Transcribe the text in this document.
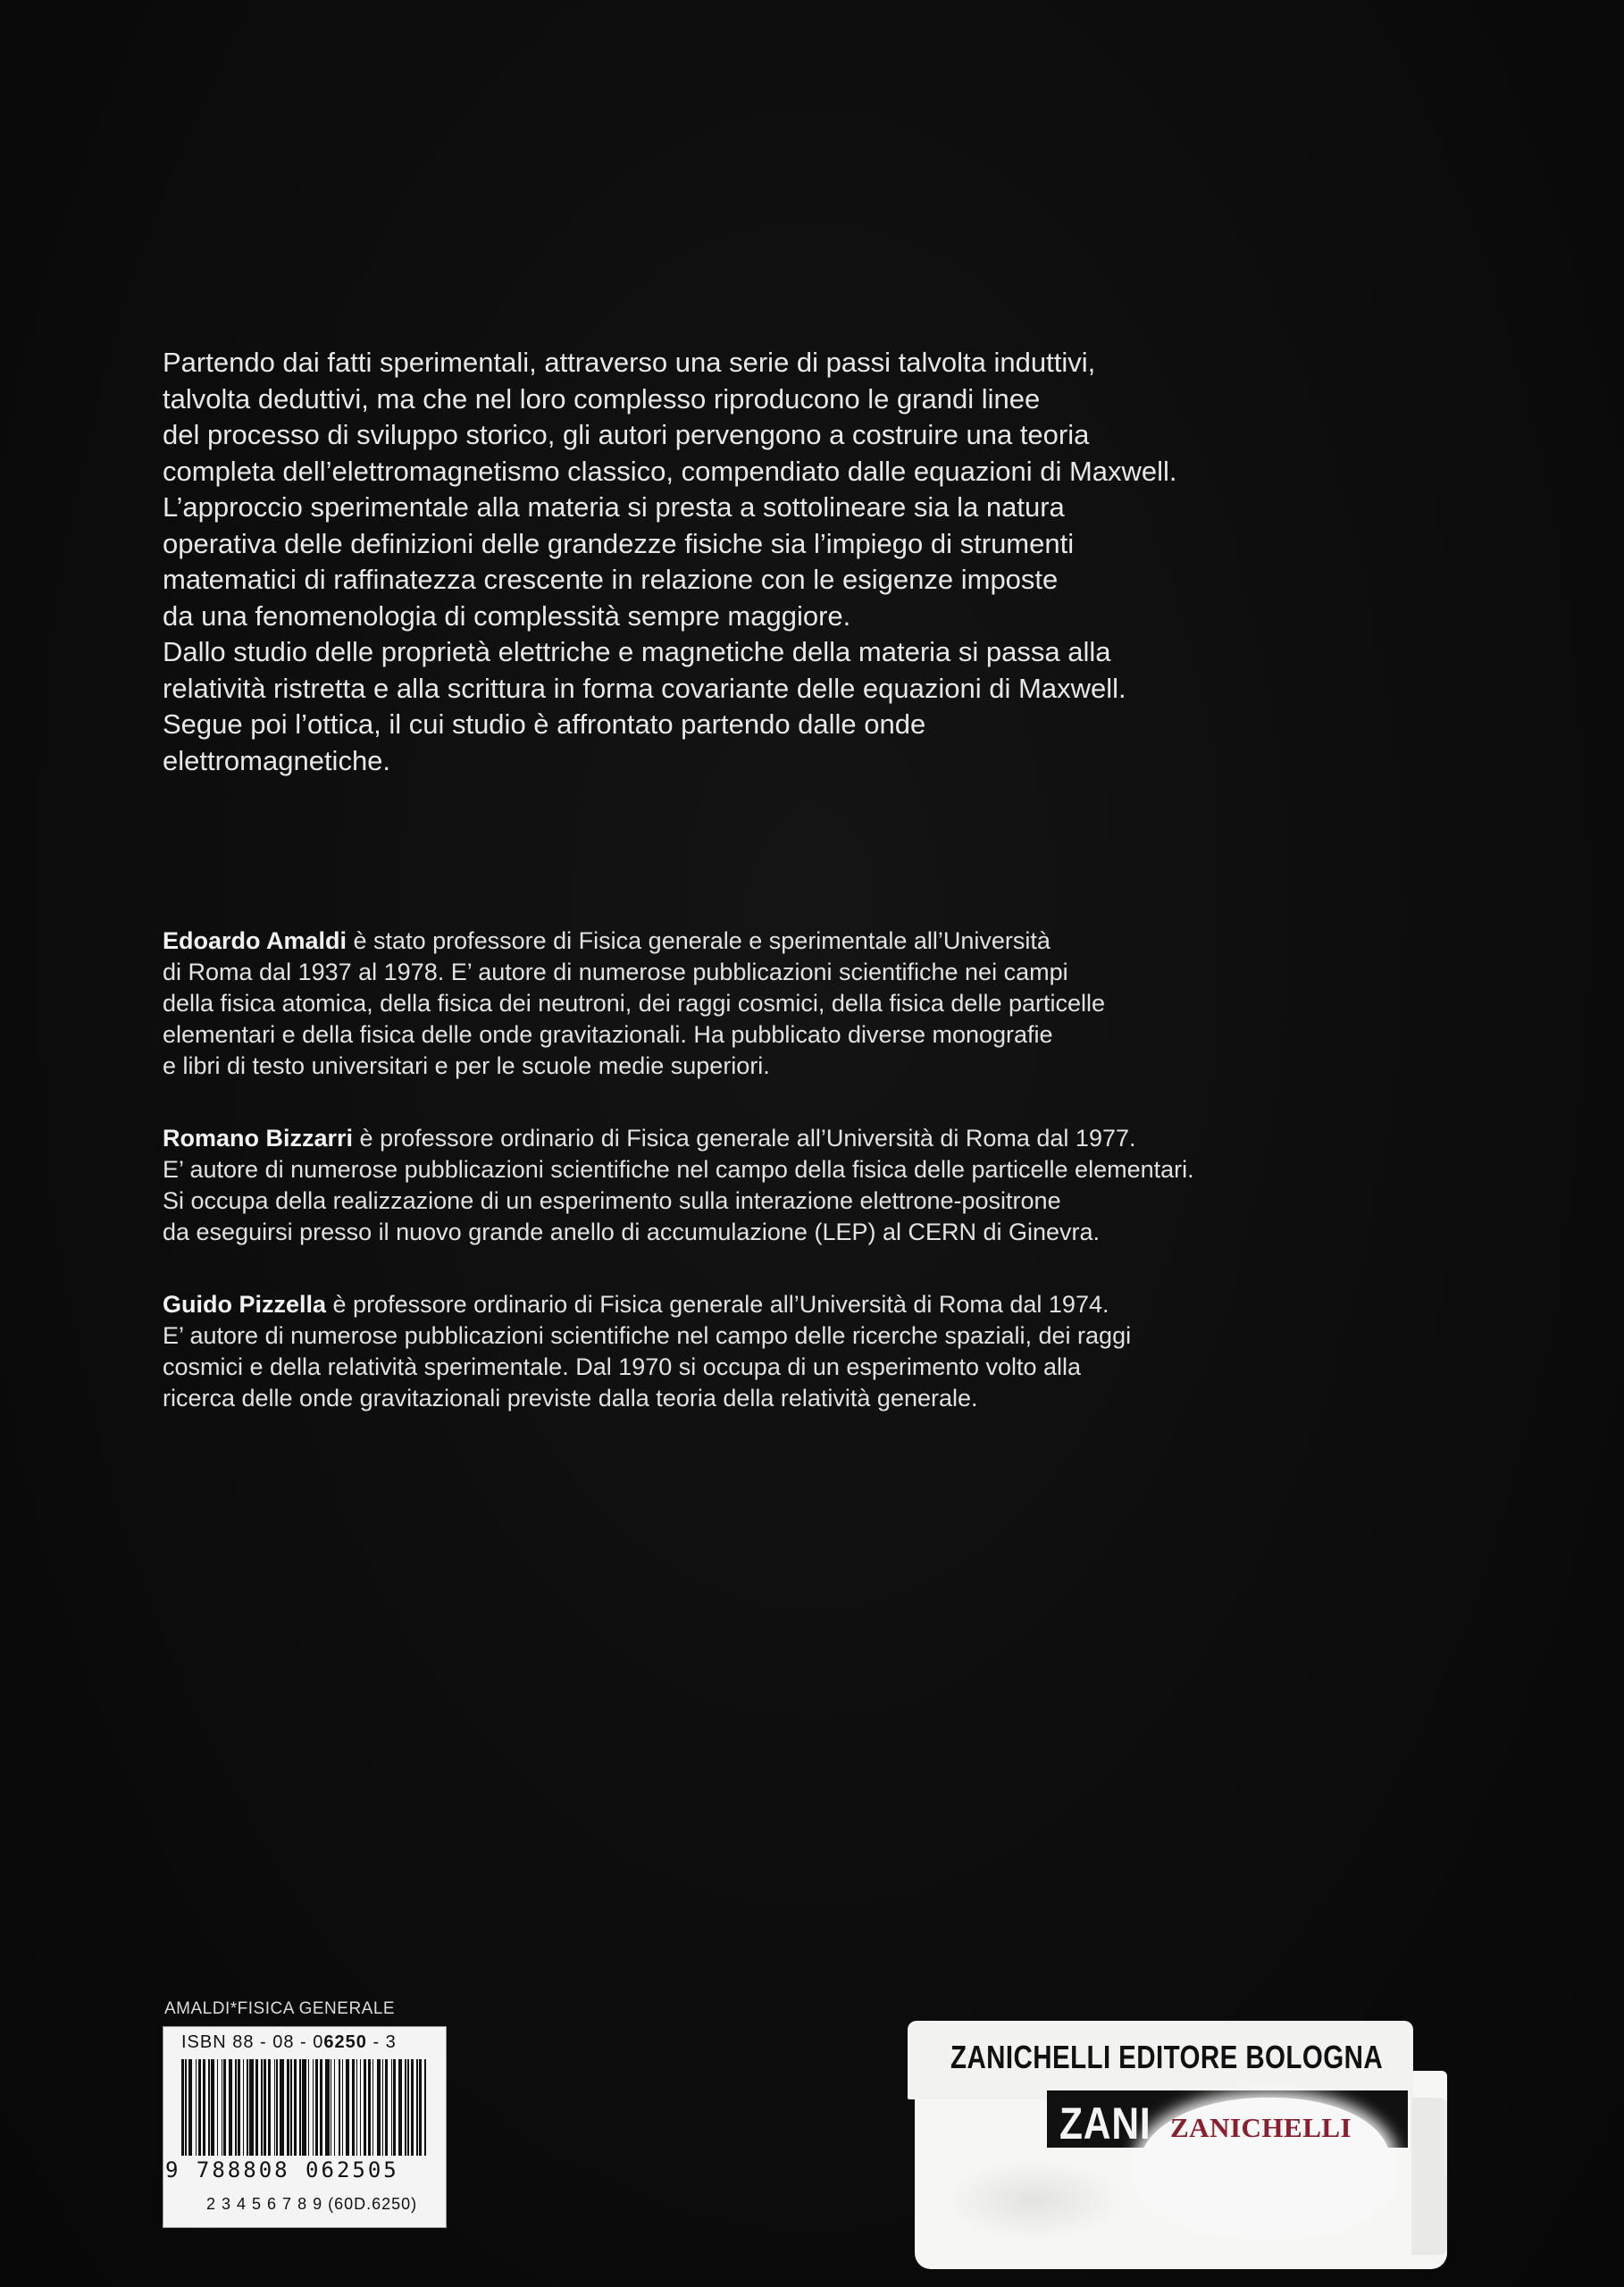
Partendo dai fatti sperimentali, attraverso una serie di passi talvolta induttivi,

talvolta deduttivi, ma che nel loro complesso riproducono le grandi linee

del processo di sviluppo storico, gli autori pervengono a costruire una teoria

completa dell’elettromagnetismo classico, compendiato dalle equazioni di Maxwell.

L’approccio sperimentale alla materia si presta a sottolineare sia la natura

operativa delle definizioni delle grandezze fisiche sia l’impiego di strumenti

matematici di raffinatezza crescente in relazione con le esigenze imposte

da una fenomenologia di complessità sempre maggiore.

Dallo studio delle proprietà elettriche e magnetiche della materia si passa alla

relatività ristretta e alla scrittura in forma covariante delle equazioni di Maxwell.

Segue poi l’ottica, il cui studio è affrontato partendo dalle onde

elettromagnetiche.

Edoardo Amaldi è stato professore di Fisica generale e sperimentale all’Università

di Roma dal 1937 al 1978. E’ autore di numerose pubblicazioni scientifiche nei campi

della fisica atomica, della fisica dei neutroni, dei raggi cosmici, della fisica delle particelle

elementari e della fisica delle onde gravitazionali. Ha pubblicato diverse monografie

e libri di testo universitari e per le scuole medie superiori.

Romano Bizzarri è professore ordinario di Fisica generale all’Università di Roma dal 1977.

E’ autore di numerose pubblicazioni scientifiche nel campo della fisica delle particelle elementari.

Si occupa della realizzazione di un esperimento sulla interazione elettrone-positrone

da eseguirsi presso il nuovo grande anello di accumulazione (LEP) al CERN di Ginevra.

Guido Pizzella è professore ordinario di Fisica generale all’Università di Roma dal 1974.

E’ autore di numerose pubblicazioni scientifiche nel campo delle ricerche spaziali, dei raggi

cosmici e della relatività sperimentale. Dal 1970 si occupa di un esperimento volto alla

ricerca delle onde gravitazionali previste dalla teoria della relatività generale.

AMALDI*FISICA GENERALE
ISBN 88 - 08 - 06250 - 3
9 788808 062505
2 3 4 5 6 7 8 9 (60D.6250)
ZANICHELLI EDITORE BOLOGNA
ZANI ZANICHELLI
